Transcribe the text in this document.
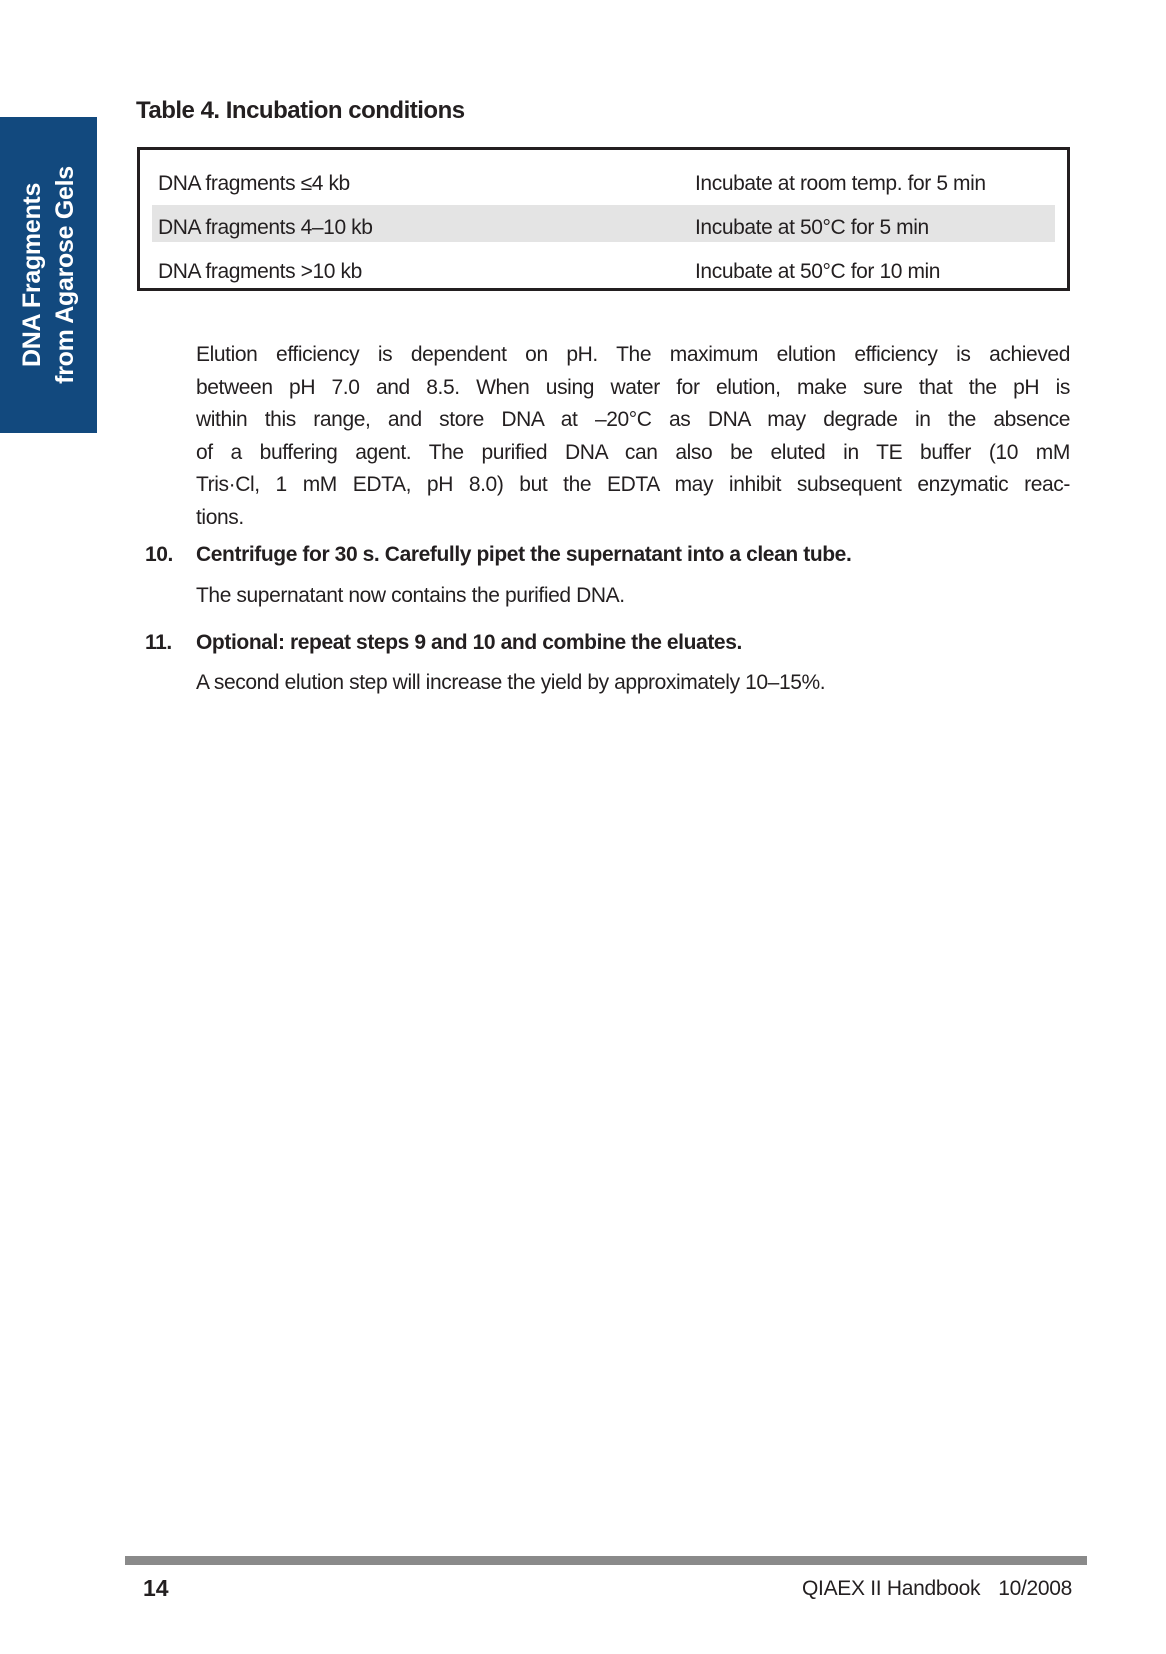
DNA Fragments from Agarose Gels
Table 4. Incubation conditions
DNA fragments ≤4 kb	Incubate at room temp. for 5 min
DNA fragments 4–10 kb	Incubate at 50°C for 5 min
DNA fragments >10 kb	Incubate at 50°C for 10 min
Elution efficiency is dependent on pH. The maximum elution efficiency is achieved
between pH 7.0 and 8.5. When using water for elution, make sure that the pH is
within this range, and store DNA at –20°C as DNA may degrade in the absence
of a buffering agent. The purified DNA can also be eluted in TE buffer (10 mM
Tris·Cl, 1 mM EDTA, pH 8.0) but the EDTA may inhibit subsequent enzymatic reac-
tions.
10.	Centrifuge for 30 s. Carefully pipet the supernatant into a clean tube.
The supernatant now contains the purified DNA.
11.	Optional: repeat steps 9 and 10 and combine the eluates.
A second elution step will increase the yield by approximately 10–15%.
14	QIAEX II Handbook 10/2008
